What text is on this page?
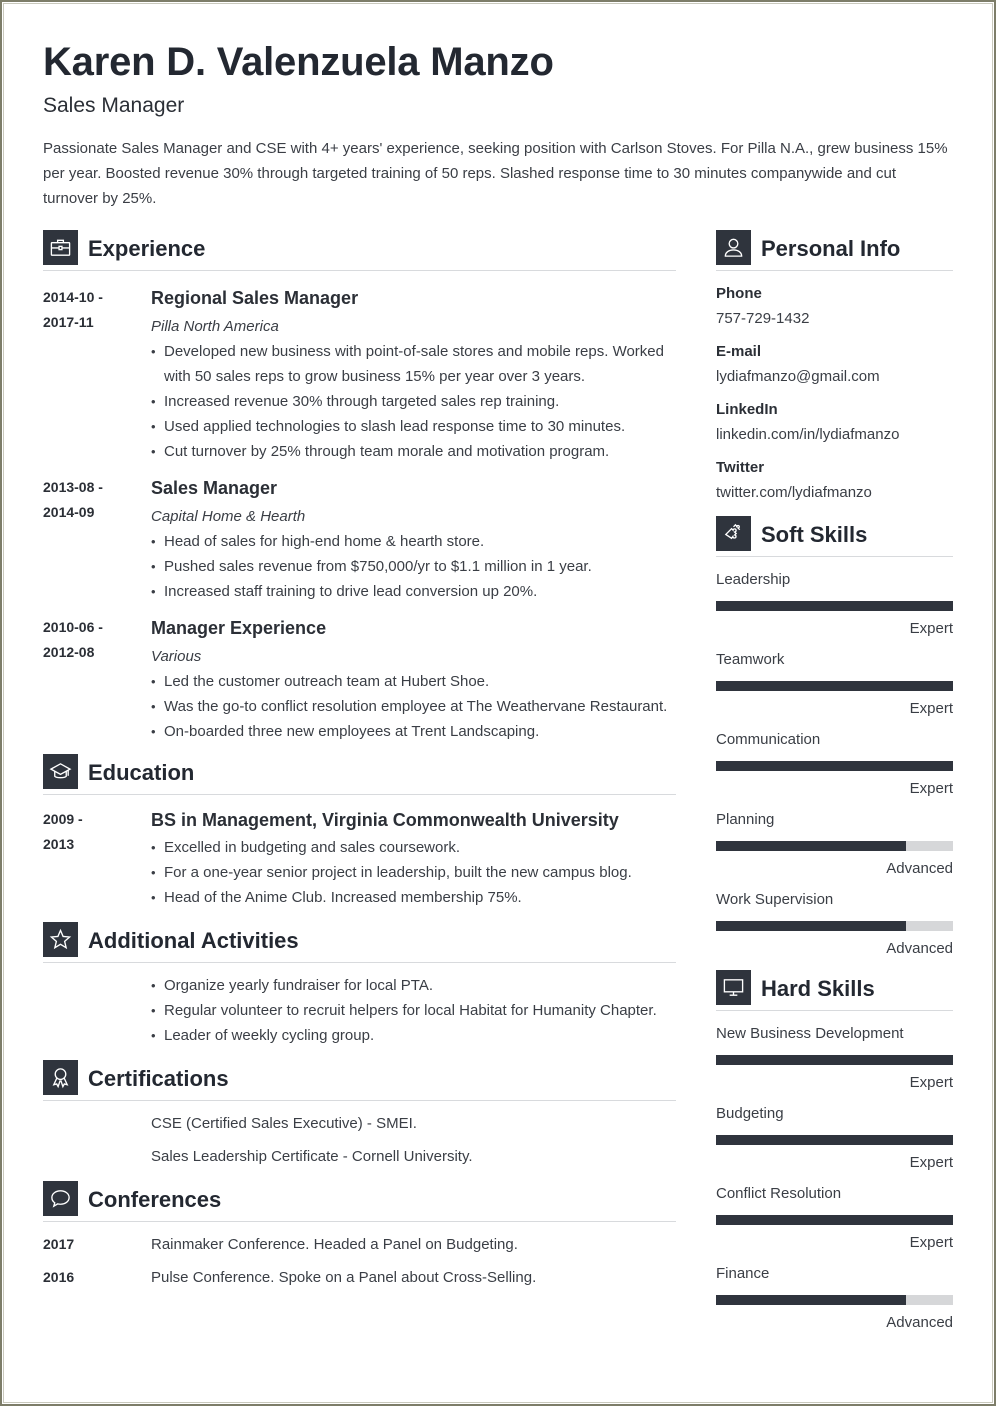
Karen D. Valenzuela Manzo
Sales Manager
Passionate Sales Manager and CSE with 4+ years' experience, seeking position with Carlson Stoves. For Pilla N.A., grew business 15% per year. Boosted revenue 30% through targeted training of 50 reps. Slashed response time to 30 minutes companywide and cut turnover by 25%.
Experience
2014-10 -
2017-11
Regional Sales Manager
Pilla North America
• Developed new business with point-of-sale stores and mobile reps. Worked with 50 sales reps to grow business 15% per year over 3 years.
• Increased revenue 30% through targeted sales rep training.
• Used applied technologies to slash lead response time to 30 minutes.
• Cut turnover by 25% through team morale and motivation program.
2013-08 -
2014-09
Sales Manager
Capital Home & Hearth
• Head of sales for high-end home & hearth store.
• Pushed sales revenue from $750,000/yr to $1.1 million in 1 year.
• Increased staff training to drive lead conversion up 20%.
2010-06 -
2012-08
Manager Experience
Various
• Led the customer outreach team at Hubert Shoe.
• Was the go-to conflict resolution employee at The Weathervane Restaurant.
• On-boarded three new employees at Trent Landscaping.
Education
2009 -
2013
BS in Management, Virginia Commonwealth University
• Excelled in budgeting and sales coursework.
• For a one-year senior project in leadership, built the new campus blog.
• Head of the Anime Club. Increased membership 75%.
Additional Activities
• Organize yearly fundraiser for local PTA.
• Regular volunteer to recruit helpers for local Habitat for Humanity Chapter.
• Leader of weekly cycling group.
Certifications
CSE (Certified Sales Executive) - SMEI.
Sales Leadership Certificate - Cornell University.
Conferences
2017	Rainmaker Conference. Headed a Panel on Budgeting.
2016	Pulse Conference. Spoke on a Panel about Cross-Selling.
Personal Info
Phone
757-729-1432
E-mail
lydiafmanzo@gmail.com
LinkedIn
linkedin.com/in/lydiafmanzo
Twitter
twitter.com/lydiafmanzo
Soft Skills
Leadership
Expert
Teamwork
Expert
Communication
Expert
Planning
Advanced
Work Supervision
Advanced
Hard Skills
New Business Development
Expert
Budgeting
Expert
Conflict Resolution
Expert
Finance
Advanced
